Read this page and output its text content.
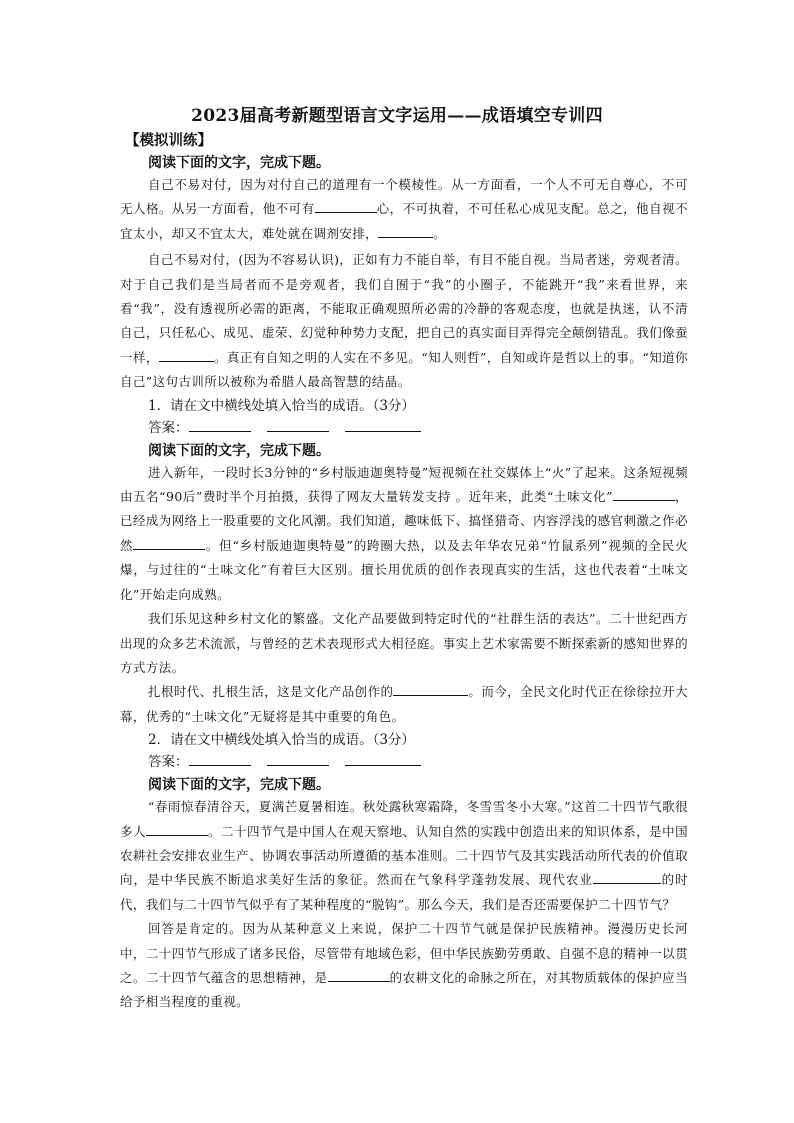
2023届高考新题型语言文字运用——成语填空专训四
【模拟训练】
阅读下面的文字，完成下题。

自己不易对付，因为对付自己的道理有一个模棱性。从一方面看，一个人不可无自尊心，不可无人格。从另一方面看，他不可有	心，不可执着，不可任私心成见支配。总之，他自视不宜太小，却又不宜太大，难处就在调剂安排，	。

自己不易对付，(因为不容易认识)，正如有力不能自举，有目不能自视。当局者迷，旁观者清。对于自己我们是当局者而不是旁观者，我们自囿于“我”的小圈子，不能跳开“我”来看世界，来看“我”，没有透视所必需的距离，不能取正确观照所必需的冷静的客观态度，也就是执迷，认不清自己，只任私心、成见、虚荣、幻觉种种势力支配，把自己的真实面目弄得完全颠倒错乱。我们像蚕一样，	。真正有自知之明的人实在不多见。“知人则哲”，自知或许是哲以上的事。“知道你自己”这句古训所以被称为希腊人最高智慧的结晶。

1．请在文中横线处填入恰当的成语。（3分）
答案：
阅读下面的文字，完成下题。

进入新年，一段时长3分钟的“乡村版迪迦奥特曼”短视频在社交媒体上“火”了起来。这条短视频由五名“90后”费时半个月拍摄，获得了网友大量转发支持 。近年来，此类“土味文化”	，已经成为网络上一股重要的文化风潮。我们知道，趣味低下、搞怪猎奇、内容浮浅的感官刺激之作必然	。但“乡村版迪迦奥特曼”的跨圈大热，以及去年华农兄弟“竹鼠系列”视频的全民火爆，与过往的“土味文化”有着巨大区别。擅长用优质的创作表现真实的生活，这也代表着“土味文化”开始走向成熟。

我们乐见这种乡村文化的繁盛。文化产品要做到特定时代的“社群生活的表达”。二十世纪西方出现的众多艺术流派，与曾经的艺术表现形式大相径庭。事实上艺术家需要不断探索新的感知世界的方式方法。

扎根时代、扎根生活，这是文化产品创作的	。而今，全民文化时代正在徐徐拉开大幕，优秀的“土味文化”无疑将是其中重要的角色。

2．请在文中横线处填入恰当的成语。（3分）
答案：
阅读下面的文字，完成下题。

“春雨惊春清谷天，夏满芒夏暑相连。秋处露秋寒霜降，冬雪雪冬小大寒。”这首二十四节气歌很多人	。二十四节气是中国人在观天察地、认知自然的实践中创造出来的知识体系，是中国农耕社会安排农业生产、协调农事活动所遵循的基本准则。二十四节气及其实践活动所代表的价值取向，是中华民族不断追求美好生活的象征。然而在气象科学蓬勃发展、现代农业	的时代，我们与二十四节气似乎有了某种程度的“脱钩”。那么今天，我们是否还需要保护二十四节气？

回答是肯定的。因为从某种意义上来说，保护二十四节气就是保护民族精神。漫漫历史长河中，二十四节气形成了诸多民俗，尽管带有地域色彩，但中华民族勤劳勇敢、自强不息的精神一以贯之。二十四节气蕴含的思想精神，是	的农耕文化的命脉之所在，对其物质载体的保护应当给予相当程度的重视。
